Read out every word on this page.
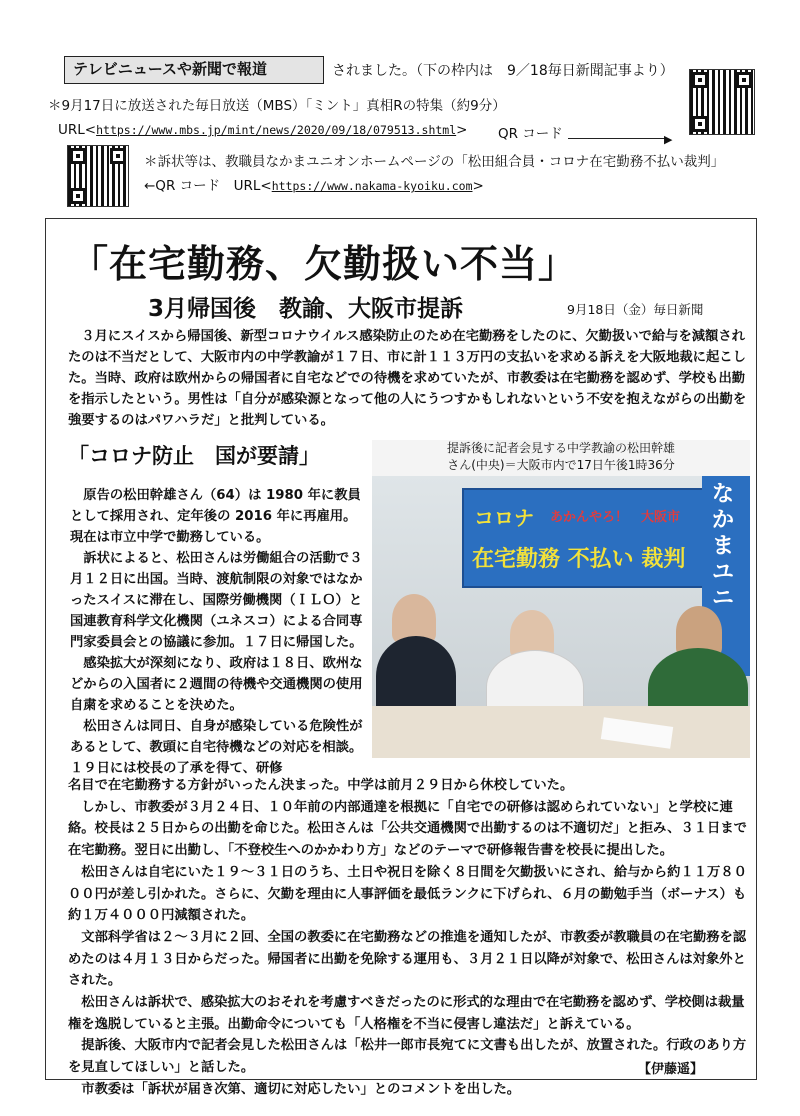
テレビニュースや新聞で報道	されました。（下の枠内は　9／18毎日新聞記事より）
＊9月17日に放送された毎日放送（MBS）「ミント」真相Rの特集（約9分）
URL<https://www.mbs.jp/mint/news/2020/09/18/079513.shtml> QR コード	▶
＊訴状等は、教職員なかまユニオンホームページの「松田組合員・コロナ在宅勤務不払い裁判」
←QR コード　URL<https://www.nakama-kyoiku.com>
「在宅勤務、欠勤扱い不当」
3月帰国後　教諭、大阪市提訴	9月18日（金）毎日新聞

３月にスイスから帰国後、新型コロナウイルス感染防止のため在宅勤務をしたのに、欠勤扱いで給与を減額されたのは不当だとして、大阪市内の中学教諭が１７日、市に計１１３万円の支払いを求める訴えを大阪地裁に起こした。当時、政府は欧州からの帰国者に自宅などでの待機を求めていたが、市教委は在宅勤務を認めず、学校も出勤を指示したという。男性は「自分が感染源となって他の人にうつすかもしれないという不安を抱えながらの出勤を強要するのはパワハラだ」と批判している。

「コロナ防止　国が要請」

原告の松田幹雄さん（64）は 1980 年に教員として採用され、定年後の 2016 年に再雇用。現在は市立中学で勤務している。

訴状によると、松田さんは労働組合の活動で３月１２日に出国。当時、渡航制限の対象ではなかったスイスに滞在し、国際労働機関（ＩＬＯ）と国連教育科学文化機関（ユネスコ）による合同専門家委員会との協議に参加。１７日に帰国した。

感染拡大が深刻になり、政府は１８日、欧州などからの入国者に２週間の待機や交通機関の使用自粛を求めることを決めた。

松田さんは同日、自身が感染している危険性があるとして、教頭に自宅待機などの対応を相談。１９日には校長の了承を得て、研修

提訴後に記者会見する中学教諭の松田幹雄
さん(中央)＝大阪市内で17日午後1時36分
コロナ あかんやろ！　大阪市
在宅勤務 不払い 裁判
なかまユニ

名目で在宅勤務する方針がいったん決まった。中学は前月２９日から休校していた。

しかし、市教委が３月２４日、１０年前の内部通達を根拠に「自宅での研修は認められていない」と学校に連絡。校長は２５日からの出勤を命じた。松田さんは「公共交通機関で出勤するのは不適切だ」と拒み、３１日まで在宅勤務。翌日に出勤し、「不登校生へのかかわり方」などのテーマで研修報告書を校長に提出した。

松田さんは自宅にいた１９～３１日のうち、土日や祝日を除く８日間を欠勤扱いにされ、給与から約１１万８０００円が差し引かれた。さらに、欠勤を理由に人事評価を最低ランクに下げられ、６月の勤勉手当（ボーナス）も約１万４０００円減額された。

文部科学省は２～３月に２回、全国の教委に在宅勤務などの推進を通知したが、市教委が教職員の在宅勤務を認めたのは４月１３日からだった。帰国者に出勤を免除する運用も、３月２１日以降が対象で、松田さんは対象外とされた。

松田さんは訴状で、感染拡大のおそれを考慮すべきだったのに形式的な理由で在宅勤務を認めず、学校側は裁量権を逸脱していると主張。出勤命令についても「人格権を不当に侵害し違法だ」と訴えている。

提訴後、大阪市内で記者会見した松田さんは「松井一郎市長宛てに文書も出したが、放置された。行政のあり方を見直してほしい」と話した。

市教委は「訴状が届き次第、適切に対応したい」とのコメントを出した。

【伊藤遥】
